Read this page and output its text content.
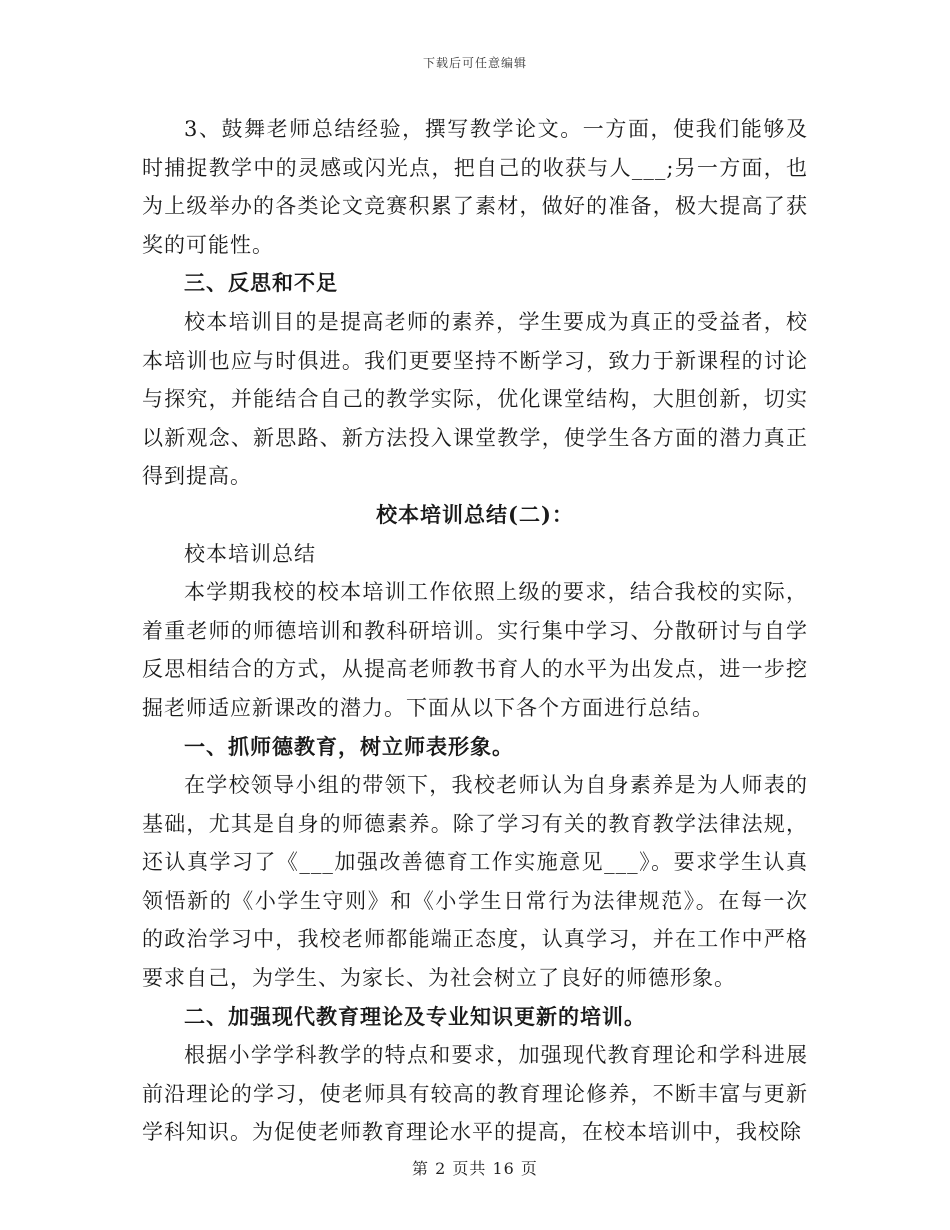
下载后可任意编辑

3、鼓舞老师总结经验，撰写教学论文。一方面，使我们能够及时捕捉教学中的灵感或闪光点，把自己的收获与人___;另一方面，也为上级举办的各类论文竞赛积累了素材，做好的准备，极大提高了获奖的可能性。

三、反思和不足

校本培训目的是提高老师的素养，学生要成为真正的受益者，校本培训也应与时俱进。我们更要坚持不断学习，致力于新课程的讨论与探究，并能结合自己的教学实际，优化课堂结构，大胆创新，切实以新观念、新思路、新方法投入课堂教学，使学生各方面的潜力真正得到提高。

校本培训总结(二)：

校本培训总结

本学期我校的校本培训工作依照上级的要求，结合我校的实际，着重老师的师德培训和教科研培训。实行集中学习、分散研讨与自学反思相结合的方式，从提高老师教书育人的水平为出发点，进一步挖掘老师适应新课改的潜力。下面从以下各个方面进行总结。

一、抓师德教育，树立师表形象。

在学校领导小组的带领下，我校老师认为自身素养是为人师表的基础，尤其是自身的师德素养。除了学习有关的教育教学法律法规，还认真学习了《___加强改善德育工作实施意见___》。要求学生认真领悟新的《小学生守则》和《小学生日常行为法律规范》。在每一次的政治学习中，我校老师都能端正态度，认真学习，并在工作中严格要求自己，为学生、为家长、为社会树立了良好的师德形象。

二、加强现代教育理论及专业知识更新的培训。

根据小学学科教学的特点和要求，加强现代教育理论和学科进展前沿理论的学习，使老师具有较高的教育理论修养，不断丰富与更新学科知识。为促使老师教育理论水平的提高，在校本培训中，我校除

第 2 页共 16 页
